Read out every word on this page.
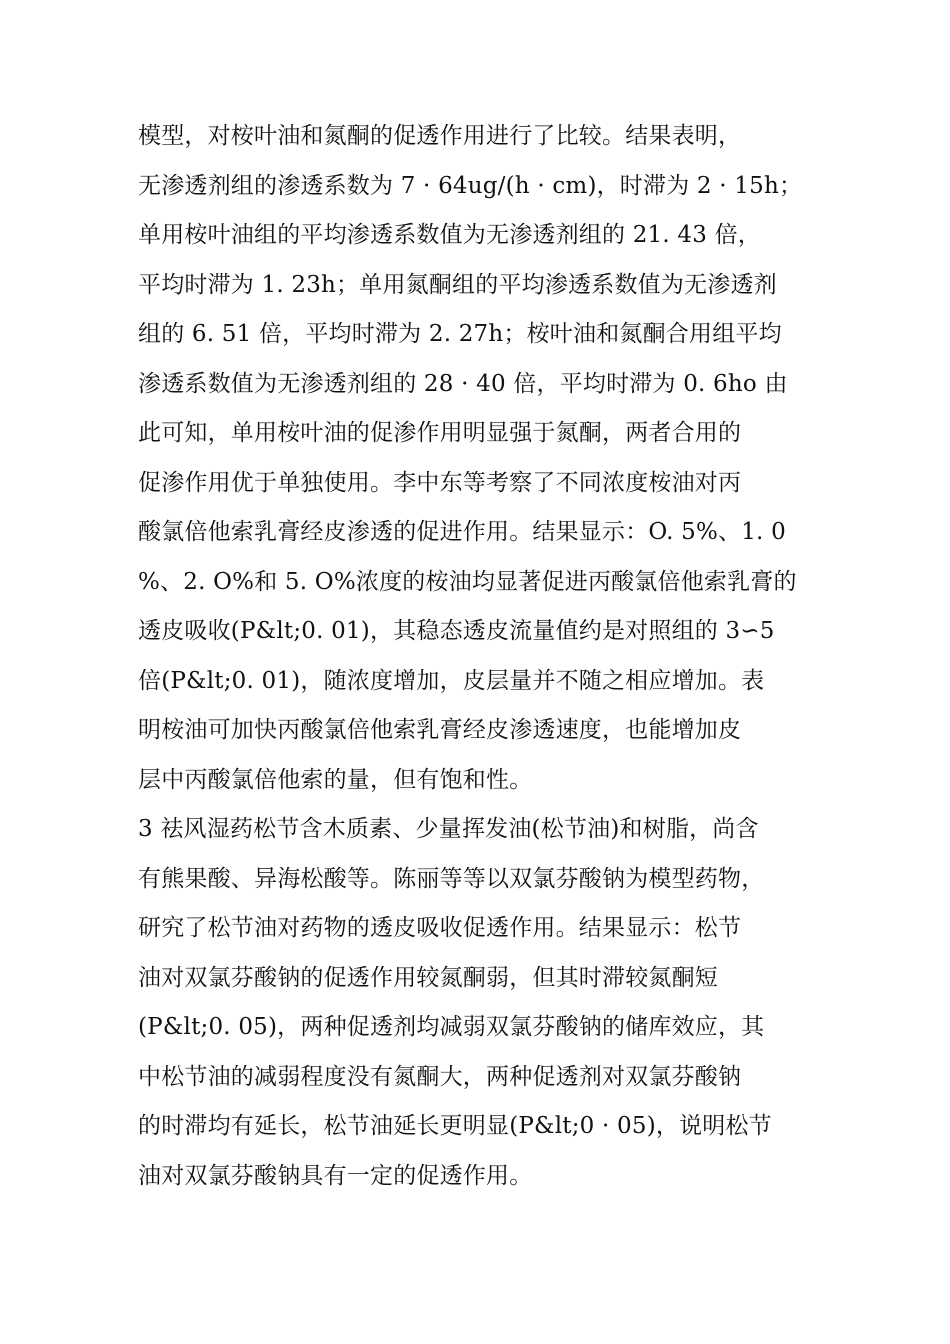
模型，对桉叶油和氮酮的促透作用进行了比较。结果表明，
无渗透剂组的渗透系数为 7 · 64ug/(h · cm)，时滞为 2 · 15h；
单用桉叶油组的平均渗透系数值为无渗透剂组的 21. 43 倍，
平均时滞为 1. 23h；单用氮酮组的平均渗透系数值为无渗透剂
组的 6. 51 倍，平均时滞为 2. 27h；桉叶油和氮酮合用组平均
渗透系数值为无渗透剂组的 28 · 40 倍，平均时滞为 0. 6hо 由
此可知，单用桉叶油的促渗作用明显强于氮酮，两者合用的
促渗作用优于单独使用。李中东等考察了不同浓度桉油对丙
酸氯倍他索乳膏经皮渗透的促进作用。结果显示：O. 5%、1. 0
%、2. O%和 5. O%浓度的桉油均显著促进丙酸氯倍他索乳膏的
透皮吸收(P&lt;0. 01)，其稳态透皮流量值约是对照组的 3∽5
倍(P&lt;0. 01)，随浓度增加，皮层量并不随之相应增加。表
明桉油可加快丙酸氯倍他索乳膏经皮渗透速度，也能增加皮
层中丙酸氯倍他索的量，但有饱和性。
3 祛风湿药松节含木质素、少量挥发油(松节油)和树脂，尚含
有熊果酸、异海松酸等。陈丽等等以双氯芬酸钠为模型药物，
研究了松节油对药物的透皮吸收促透作用。结果显示：松节
油对双氯芬酸钠的促透作用较氮酮弱，但其时滞较氮酮短
(P&lt;0. 05)，两种促透剂均减弱双氯芬酸钠的储库效应，其
中松节油的减弱程度没有氮酮大，两种促透剂对双氯芬酸钠
的时滞均有延长，松节油延长更明显(P&lt;0 · 05)，说明松节
油对双氯芬酸钠具有一定的促透作用。
